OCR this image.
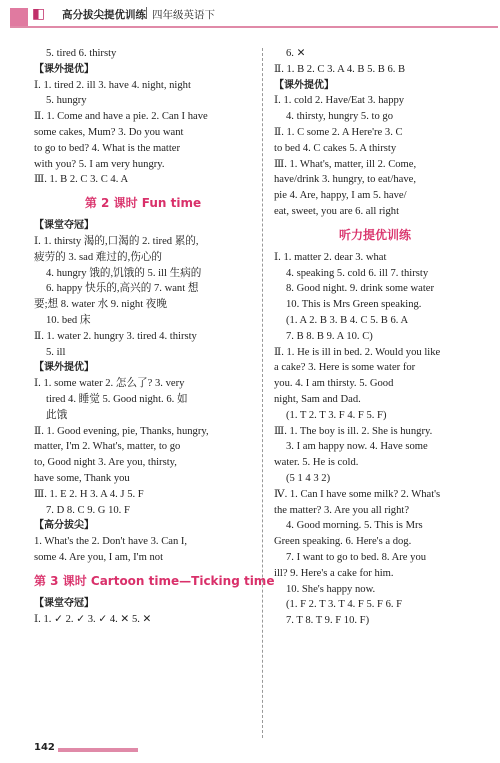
◧ 高分拔尖提优训练 四年级英语下
5. tired 6. thirsty
【课外提优】
Ⅰ. 1. tired 2. ill 3. have 4. night, night
5. hungry
Ⅱ. 1. Come and have a pie. 2. Can I have
some cakes, Mum? 3. Do you want
to go to bed? 4. What is the matter
with you? 5. I am very hungry.
Ⅲ. 1. B 2. C 3. C 4. A
第 2 课时 Fun time
【课堂夺冠】
Ⅰ. 1. thirsty 渴的,口渴的 2. tired 累的,
疲劳的 3. sad 难过的,伤心的
4. hungry 饿的,饥饿的 5. ill 生病的
6. happy 快乐的,高兴的 7. want 想
要;想 8. water 水 9. night 夜晚
10. bed 床
Ⅱ. 1. water 2. hungry 3. tired 4. thirsty
5. ill
【课外提优】
Ⅰ. 1. some water 2. 怎么了? 3. very
tired 4. 睡觉 5. Good night. 6. 如
此饿
Ⅱ. 1. Good evening, pie, Thanks, hungry,
matter, I'm 2. What's, matter, to go
to, Good night 3. Are you, thirsty,
have some, Thank you
Ⅲ. 1. E 2. H 3. A 4. J 5. F
7. D 8. C 9. G 10. F
【高分拔尖】
1. What's the 2. Don't have 3. Can I,
some 4. Are you, I am, I'm not
第 3 课时 Cartoon time—Ticking time
【课堂夺冠】
Ⅰ. 1. ✓ 2. ✓ 3. ✓ 4. ✕ 5. ✕
6. ✕
Ⅱ. 1. B 2. C 3. A 4. B 5. B 6. B
【课外提优】
Ⅰ. 1. cold 2. Have/Eat 3. happy
4. thirsty, hungry 5. to go
Ⅱ. 1. C some 2. A Here're 3. C
to bed 4. C cakes 5. A thirsty
Ⅲ. 1. What's, matter, ill 2. Come,
have/drink 3. hungry, to eat/have,
pie 4. Are, happy, I am 5. have/
eat, sweet, you are 6. all right
听力提优训练
Ⅰ. 1. matter 2. dear 3. what
4. speaking 5. cold 6. ill 7. thirsty
8. Good night. 9. drink some water
10. This is Mrs Green speaking.
(1. A 2. B 3. B 4. C 5. B 6. A
7. B 8. B 9. A 10. C)
Ⅱ. 1. He is ill in bed. 2. Would you like
a cake? 3. Here is some water for
you. 4. I am thirsty. 5. Good
night, Sam and Dad.
(1. T 2. T 3. F 4. F 5. F)
Ⅲ. 1. The boy is ill. 2. She is hungry.
3. I am happy now. 4. Have some
water. 5. He is cold.
(5 1 4 3 2)
Ⅳ. 1. Can I have some milk? 2. What's
the matter? 3. Are you all right?
4. Good morning. 5. This is Mrs
Green speaking. 6. Here's a dog.
7. I want to go to bed. 8. Are you
ill? 9. Here's a cake for him.
10. She's happy now.
(1. F 2. T 3. T 4. F 5. F 6. F
7. T 8. T 9. F 10. F)
142
